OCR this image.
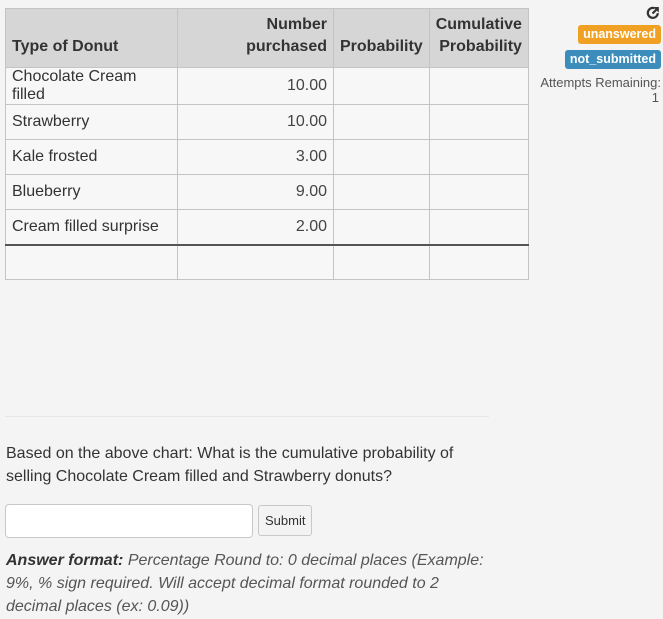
Type of Donut	Number purchased	Probability	Cumulative
Probability
Chocolate Cream filled	10.00		
Strawberry	10.00		
Kale frosted	3.00		
Blueberry	9.00		
Cream filled surprise	2.00		

unanswered
not_submitted
Attempts Remaining:
1
Based on the above chart: What is the cumulative probability of selling Chocolate Cream filled and Strawberry donuts?
Submit
Answer format: Percentage Round to: 0 decimal places (Example: 9%, % sign required. Will accept decimal format rounded to 2 decimal places (ex: 0.09))
